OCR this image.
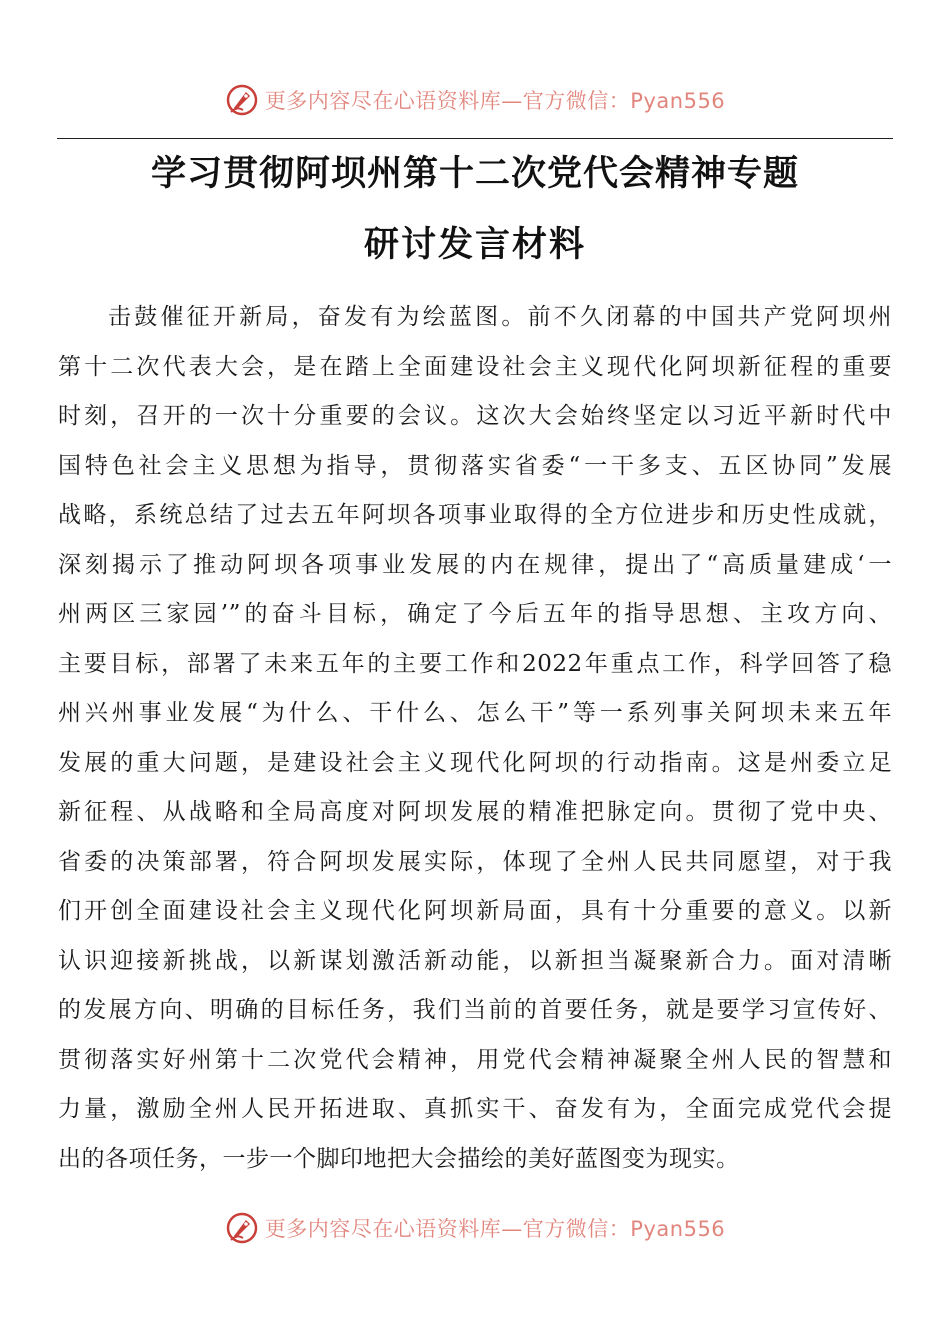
更多内容尽在心语资料库—官方微信：Pyan556
学习贯彻阿坝州第十二次党代会精神专题
研讨发言材料
击鼓催征开新局，奋发有为绘蓝图。前不久闭幕的中国共产党阿坝州
第十二次代表大会，是在踏上全面建设社会主义现代化阿坝新征程的重要
时刻，召开的一次十分重要的会议。这次大会始终坚定以习近平新时代中
国特色社会主义思想为指导，贯彻落实省委“一干多支、五区协同”发展
战略，系统总结了过去五年阿坝各项事业取得的全方位进步和历史性成就，
深刻揭示了推动阿坝各项事业发展的内在规律，提出了“高质量建成‘一
州两区三家园’”的奋斗目标，确定了今后五年的指导思想、主攻方向、
主要目标，部署了未来五年的主要工作和2022年重点工作，科学回答了稳
州兴州事业发展“为什么、干什么、怎么干”等一系列事关阿坝未来五年
发展的重大问题，是建设社会主义现代化阿坝的行动指南。这是州委立足
新征程、从战略和全局高度对阿坝发展的精准把脉定向。贯彻了党中央、
省委的决策部署，符合阿坝发展实际，体现了全州人民共同愿望，对于我
们开创全面建设社会主义现代化阿坝新局面，具有十分重要的意义。以新
认识迎接新挑战，以新谋划激活新动能，以新担当凝聚新合力。面对清晰
的发展方向、明确的目标任务，我们当前的首要任务，就是要学习宣传好、
贯彻落实好州第十二次党代会精神，用党代会精神凝聚全州人民的智慧和
力量，激励全州人民开拓进取、真抓实干、奋发有为，全面完成党代会提
出的各项任务，一步一个脚印地把大会描绘的美好蓝图变为现实。
更多内容尽在心语资料库—官方微信：Pyan556
